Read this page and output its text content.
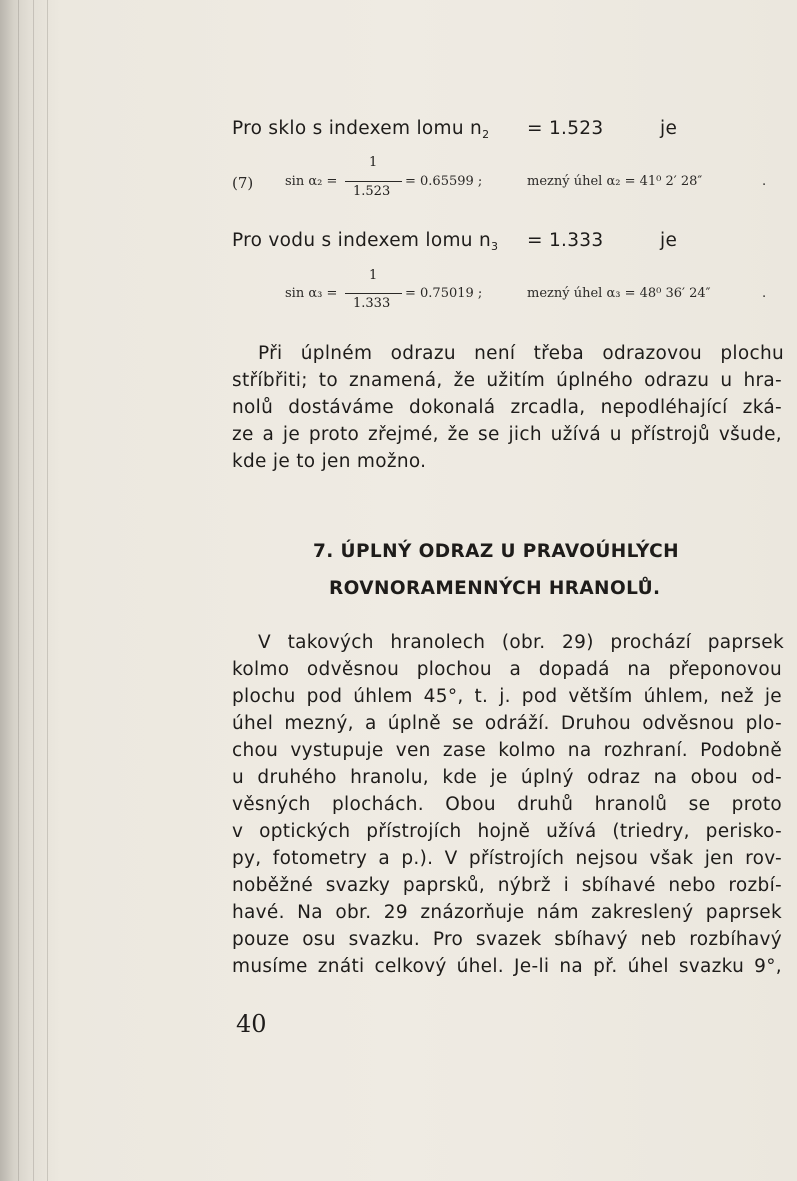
Pro sklo s indexem lomu $n_2 = 1.523$	je
(7) sin α₂ =
1
1.523
= 0.65599 ;	mezný úhel α₂ = 41⁰ 2′ 28″	.
Pro vodu s indexem lomu $n_3 = 1.333$	je
sin α₃ =
1
1.333
= 0.75019 ;	mezný úhel α₃ = 48⁰ 36′ 24″	.
Při úplném odrazu není třeba odrazovou plochu
stříbřiti; to znamená, že užitím úplného odrazu u hra-
nolů dostáváme dokonalá zrcadla, nepodléhající zká-
ze a je proto zřejmé, že se jich užívá u přístrojů všude,
kde je to jen možno.
7. ÚPLNÝ ODRAZ U PRAVOÚHLÝCH
ROVNORAMENNÝCH HRANOLŮ.
V takových hranolech (obr. 29) prochází paprsek
kolmo odvěsnou plochou a dopadá na přeponovou
plochu pod úhlem 45°, t. j. pod větším úhlem, než je
úhel mezný, a úplně se odráží. Druhou odvěsnou plo-
chou vystupuje ven zase kolmo na rozhraní. Podobně
u druhého hranolu, kde je úplný odraz na obou od-
věsných plochách. Obou druhů hranolů se proto
v optických přístrojích hojně užívá (triedry, perisko-
py, fotometry a p.). V přístrojích nejsou však jen rov-
noběžné svazky paprsků, nýbrž i sbíhavé nebo rozbí-
havé. Na obr. 29 znázorňuje nám zakreslený paprsek
pouze osu svazku. Pro svazek sbíhavý neb rozbíhavý
musíme znáti celkový úhel. Je-li na př. úhel svazku 9°,
40
